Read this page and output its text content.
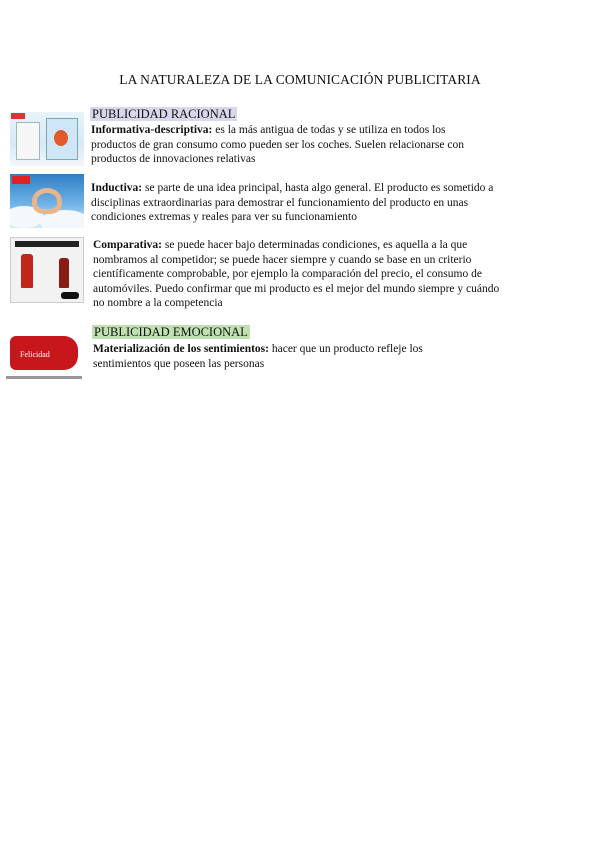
LA NATURALEZA DE LA COMUNICACIÓN PUBLICITARIA
PUBLICIDAD RACIONAL
Informativa-descriptiva: es la más antigua de todas y se utiliza en todos los
productos de gran consumo como pueden ser los coches. Suelen relacionarse con
productos de innovaciones relativas
Inductiva: se parte de una idea principal, hasta algo general. El producto es sometido a
disciplinas extraordinarias para demostrar el funcionamiento del producto en unas
condiciones extremas y reales para ver su funcionamiento
Comparativa: se puede hacer bajo determinadas condiciones, es aquella a la que
nombramos al competidor; se puede hacer siempre y cuando se base en un criterio
científicamente comprobable, por ejemplo la comparación del precio, el consumo de
automóviles. Puedo confirmar que mi producto es el mejor del mundo siempre y cuándo
no nombre a la competencia
PUBLICIDAD EMOCIONAL
Felicidad	Materialización de los sentimientos: hacer que un producto refleje los
sentimientos que poseen las personas
